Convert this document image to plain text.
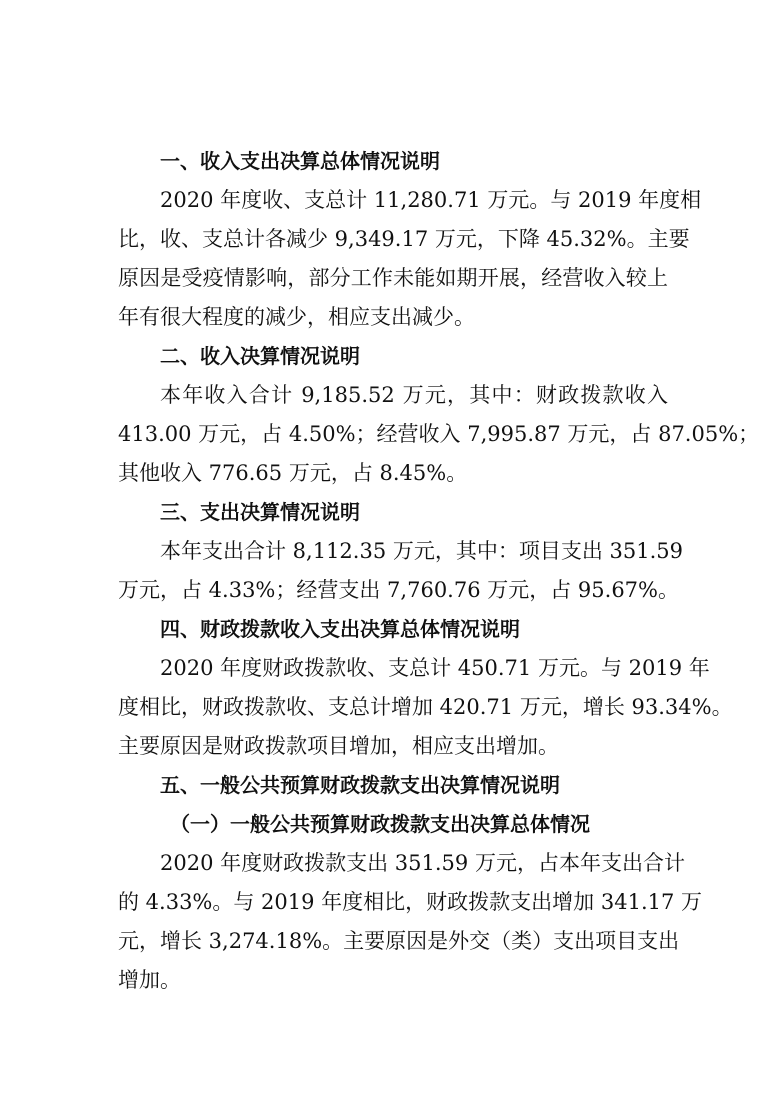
一、收入支出决算总体情况说明
2020 年度收、支总计 11,280.71 万元。与 2019 年度相
比，收、支总计各减少 9,349.17 万元，下降 45.32%。主要
原因是受疫情影响，部分工作未能如期开展，经营收入较上
年有很大程度的减少，相应支出减少。
二、收入决算情况说明
本年收入合计 9,185.52 万元，其中：财政拨款收入
413.00 万元，占 4.50%；经营收入 7,995.87 万元，占 87.05%；
其他收入 776.65 万元，占 8.45%。
三、支出决算情况说明
本年支出合计 8,112.35 万元，其中：项目支出 351.59
万元，占 4.33%；经营支出 7,760.76 万元，占 95.67%。
四、财政拨款收入支出决算总体情况说明
2020 年度财政拨款收、支总计 450.71 万元。与 2019 年
度相比，财政拨款收、支总计增加 420.71 万元，增长 93.34%。
主要原因是财政拨款项目增加，相应支出增加。
五、一般公共预算财政拨款支出决算情况说明
（一）一般公共预算财政拨款支出决算总体情况
2020 年度财政拨款支出 351.59 万元，占本年支出合计
的 4.33%。与 2019 年度相比，财政拨款支出增加 341.17 万
元，增长 3,274.18%。主要原因是外交（类）支出项目支出
增加。
